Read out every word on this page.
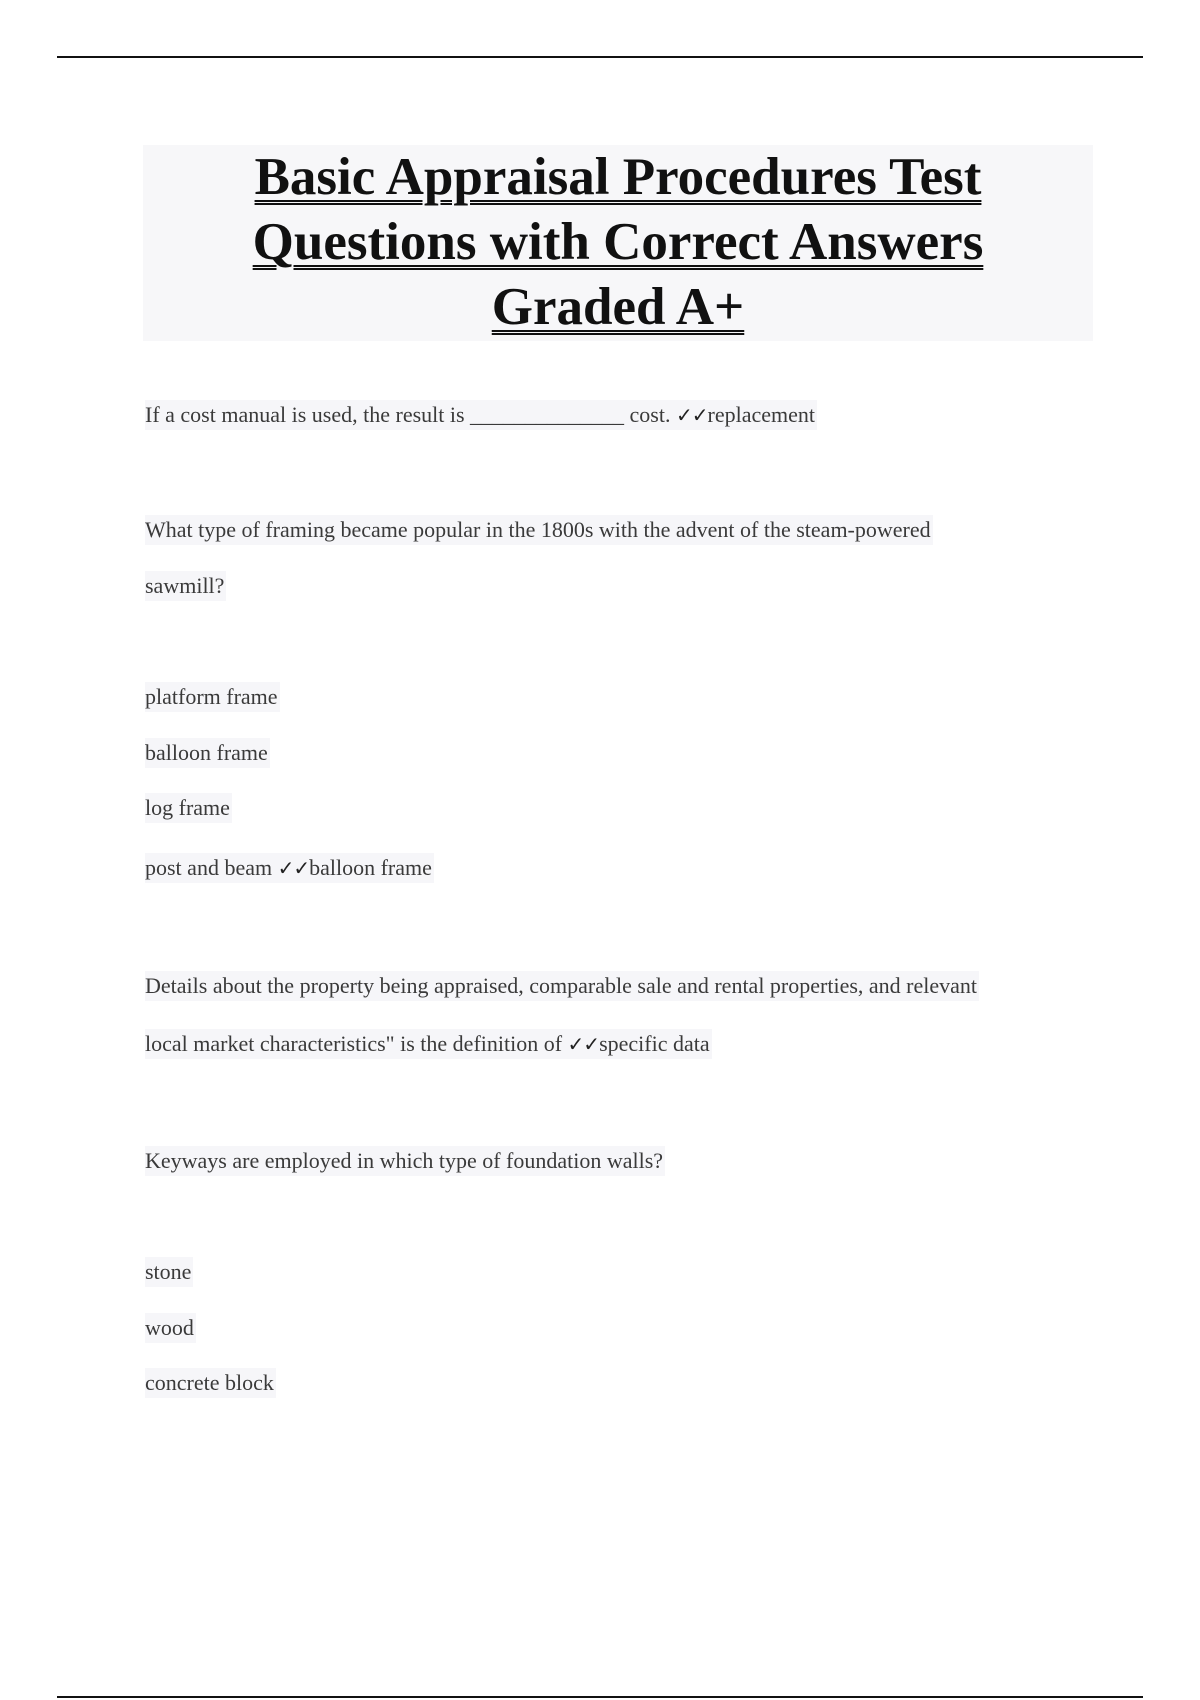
Basic Appraisal Procedures Test
Questions with Correct Answers
Graded A+
If a cost manual is used, the result is ______________ cost. ✓✓replacement
What type of framing became popular in the 1800s with the advent of the steam-powered
sawmill?
platform frame
balloon frame
log frame
post and beam ✓✓balloon frame
Details about the property being appraised, comparable sale and rental properties, and relevant
local market characteristics" is the definition of ✓✓specific data
Keyways are employed in which type of foundation walls?
stone
wood
concrete block
